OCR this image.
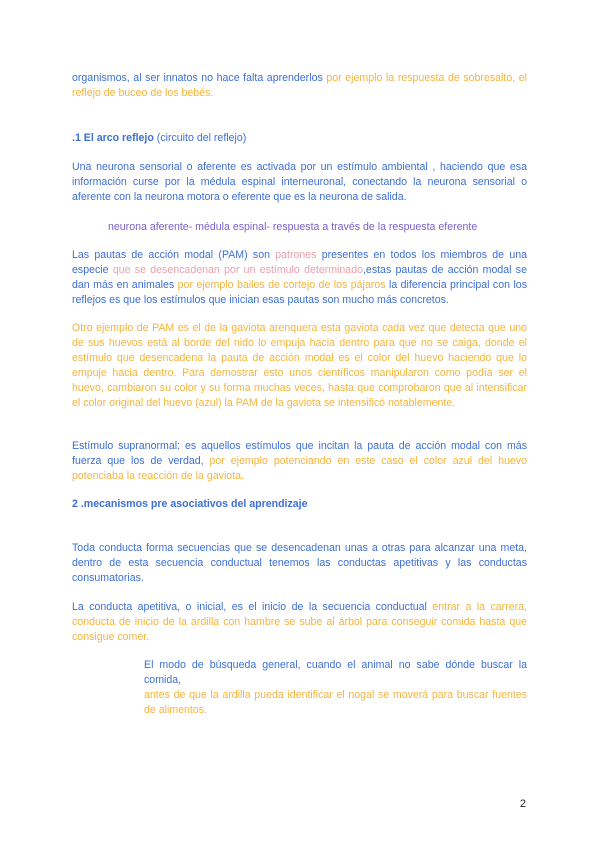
organismos, al ser innatos no hace falta aprenderlos por ejemplo la respuesta de sobresalto, el reflejo de buceo de los bebés.

.1 El arco reflejo (circuito del reflejo)

Una neurona sensorial o aferente es activada por un estímulo ambiental , haciendo que esa información curse por la médula espinal interneuronal, conectando la neurona sensorial o aferente con la neurona motora o eferente que es la neurona de salida.

neurona aferente- médula espinal- respuesta a través de la respuesta eferente

Las pautas de acción modal (PAM) son patrones presentes en todos los miembros de una especie que se desencadenan por un estímulo determinado,estas pautas de acción modal se dan más en animales por ejemplo bailes de cortejo de los pájaros la diferencia principal con los reflejos es que los estímulos que inician esas pautas son mucho más concretos.

Otro ejemplo de PAM es el de la gaviota arenquera esta gaviota cada vez que detecta que uno de sus huevos está al borde del nido lo empuja hacia dentro para que no se caiga, donde el estímulo que desencadena la pauta de acción modal es el color del huevo haciendo que lo empuje hacia dentro. Para demostrar esto unos científicos manipularon como podía ser el huevo, cambiaron su color y su forma muchas veces, hasta que comprobaron que al intensificar el color original del huevo (azul) la PAM de la gaviota se intensificó notablemente.

Estímulo supranormal: es aquellos estímulos que incitan la pauta de acción modal con más fuerza que los de verdad, por ejemplo potenciando en este caso el color azul del huevo potenciaba la reacción de la gaviota.

2 .mecanismos pre asociativos del aprendizaje

Toda conducta forma secuencias que se desencadenan unas a otras para alcanzar una meta, dentro de esta secuencia conductual tenemos las conductas apetitivas y las conductas consumatorias.

La conducta apetitiva, o inicial, es el inicio de la secuencia conductual entrar a la carrera, conducta de inicio de la ardilla con hambre se sube al árbol para conseguir comida hasta que consigue comer.

El modo de búsqueda general, cuando el animal no sabe dónde buscar la comida,
antes de que la ardilla pueda identificar el nogal se moverá para buscar fuentes de alimentos.

2
